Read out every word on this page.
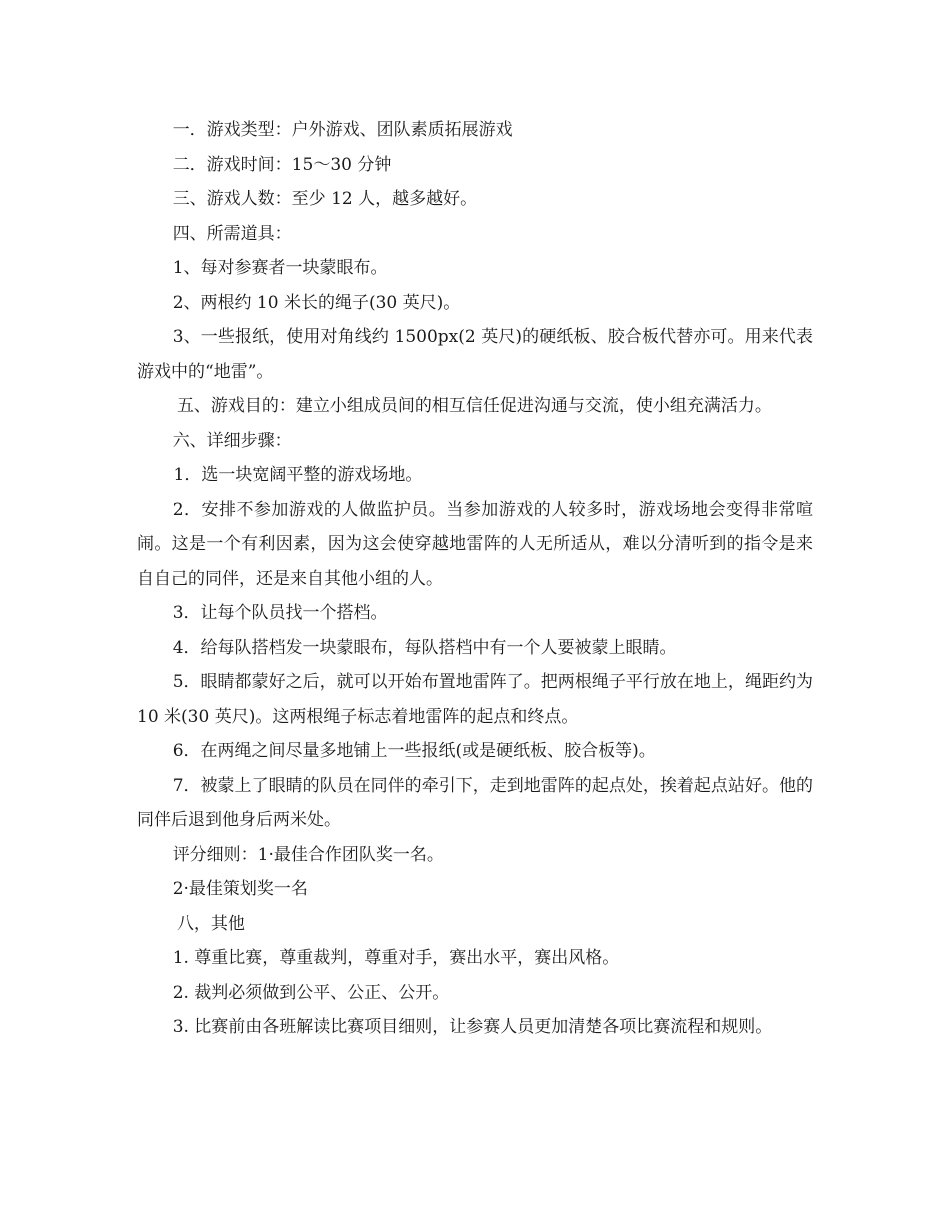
一．游戏类型：户外游戏、团队素质拓展游戏

二．游戏时间：15～30 分钟

三、游戏人数：至少 12 人，越多越好。

四、所需道具：

1、每对参赛者一块蒙眼布。

2、两根约 10 米长的绳子(30 英尺)。

3、一些报纸，使用对角线约 1500px(2 英尺)的硬纸板、胶合板代替亦可。用来代表游戏中的“地雷”。

五、游戏目的：建立小组成员间的相互信任促进沟通与交流，使小组充满活力。

六、详细步骤：

1．选一块宽阔平整的游戏场地。

2．安排不参加游戏的人做监护员。当参加游戏的人较多时，游戏场地会变得非常喧闹。这是一个有利因素，因为这会使穿越地雷阵的人无所适从，难以分清听到的指令是来自自己的同伴，还是来自其他小组的人。

3．让每个队员找一个搭档。

4．给每队搭档发一块蒙眼布，每队搭档中有一个人要被蒙上眼睛。

5．眼睛都蒙好之后，就可以开始布置地雷阵了。把两根绳子平行放在地上，绳距约为 10 米(30 英尺)。这两根绳子标志着地雷阵的起点和终点。

6．在两绳之间尽量多地铺上一些报纸(或是硬纸板、胶合板等)。

7．被蒙上了眼睛的队员在同伴的牵引下，走到地雷阵的起点处，挨着起点站好。他的同伴后退到他身后两米处。

评分细则：1·最佳合作团队奖一名。

2·最佳策划奖一名

八，其他

1. 尊重比赛，尊重裁判，尊重对手，赛出水平，赛出风格。

2. 裁判必须做到公平、公正、公开。

3. 比赛前由各班解读比赛项目细则，让参赛人员更加清楚各项比赛流程和规则。
